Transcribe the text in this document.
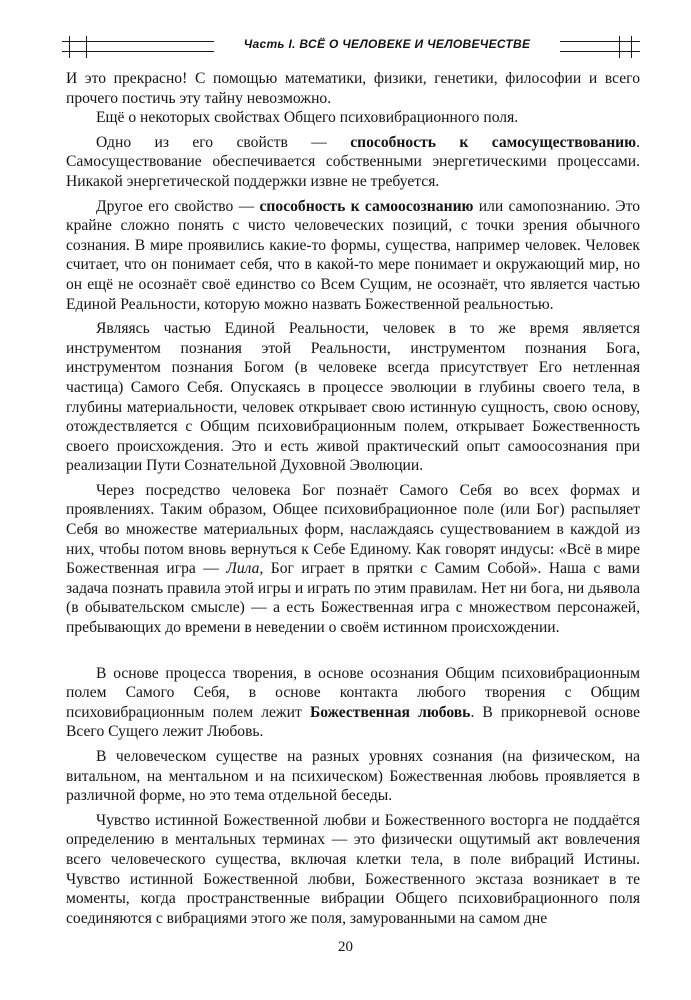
Часть I. ВСЁ О ЧЕЛОВЕКЕ И ЧЕЛОВЕЧЕСТВЕ

И это прекрасно! С помощью математики, физики, генетики, философии и всего прочего постичь эту тайну невозможно.

Ещё о некоторых свойствах Общего психовибрационного поля.

Одно из его свойств — способность к самосуществованию. Самосуществование обеспечивается собственными энергетическими процессами. Никакой энергетической поддержки извне не требуется.

Другое его свойство — способность к самоосознанию или самопознанию. Это крайне сложно понять с чисто человеческих позиций, с точки зрения обычного сознания. В мире проявились какие-то формы, существа, например человек. Человек считает, что он понимает себя, что в какой-то мере понимает и окружающий мир, но он ещё не осознаёт своё единство со Всем Сущим, не осознаёт, что является частью Единой Реальности, которую можно назвать Божественной реальностью.

Являясь частью Единой Реальности, человек в то же время является инструментом познания этой Реальности, инструментом познания Бога, инструментом познания Богом (в человеке всегда присутствует Его нетленная частица) Самого Себя. Опускаясь в процессе эволюции в глубины своего тела, в глубины материальности, человек открывает свою истинную сущность, свою основу, отождествляется с Общим психовибрационным полем, открывает Божественность своего происхождения. Это и есть живой практический опыт самоосознания при реализации Пути Сознательной Духовной Эволюции.

Через посредство человека Бог познаёт Самого Себя во всех формах и проявлениях. Таким образом, Общее психовибрационное поле (или Бог) распыляет Себя во множестве материальных форм, наслаждаясь существованием в каждой из них, чтобы потом вновь вернуться к Себе Единому. Как говорят индусы: «Всё в мире Божественная игра — Лила, Бог играет в прятки с Самим Собой». Наша с вами задача познать правила этой игры и играть по этим правилам. Нет ни бога, ни дьявола (в обывательском смысле) — а есть Божественная игра с множеством персонажей, пребывающих до времени в неведении о своём истинном происхождении.

В основе процесса творения, в основе осознания Общим психовибрационным полем Самого Себя, в основе контакта любого творения с Общим психовибрационным полем лежит Божественная любовь. В прикорневой основе Всего Сущего лежит Любовь.

В человеческом существе на разных уровнях сознания (на физическом, на витальном, на ментальном и на психическом) Божественная любовь проявляется в различной форме, но это тема отдельной беседы.

Чувство истинной Божественной любви и Божественного восторга не поддаётся определению в ментальных терминах — это физически ощутимый акт вовлечения всего человеческого существа, включая клетки тела, в поле вибраций Истины. Чувство истинной Божественной любви, Божественного экстаза возникает в те моменты, когда пространственные вибрации Общего психовибрационного поля соединяются с вибрациями этого же поля, замурованными на самом дне

20
